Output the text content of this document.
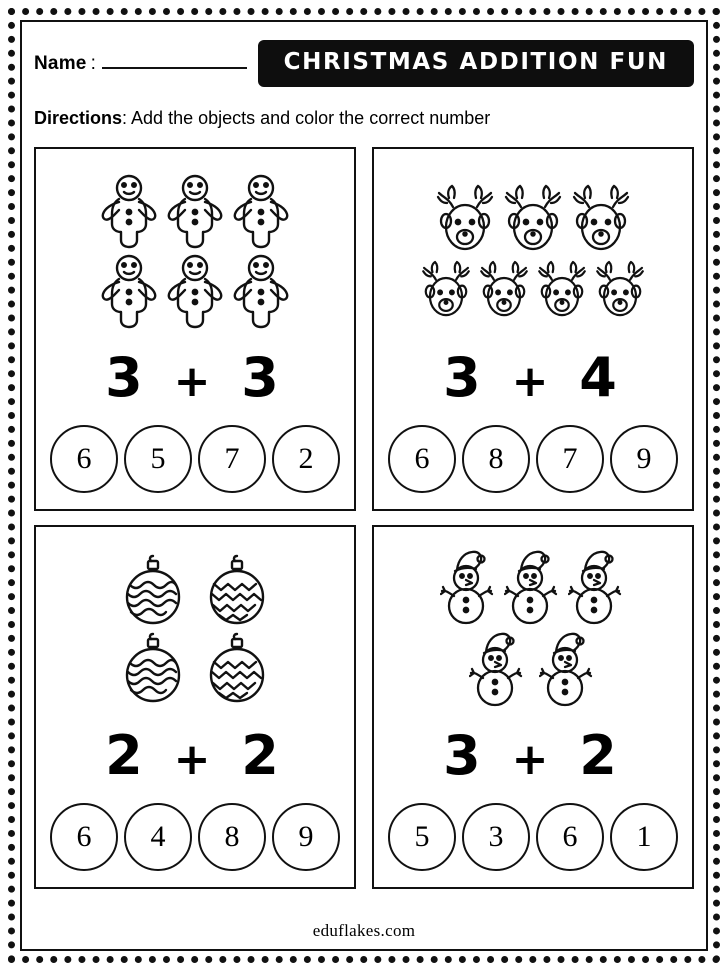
Name :	CHRISTMAS ADDITION FUN
Directions: Add the objects and color the correct number
3 + 3
6	5	7	2
3 + 4
6	8	7	9
2 + 2
6	4	8	9
3 + 2
5	3	6	1
eduflakes.com
